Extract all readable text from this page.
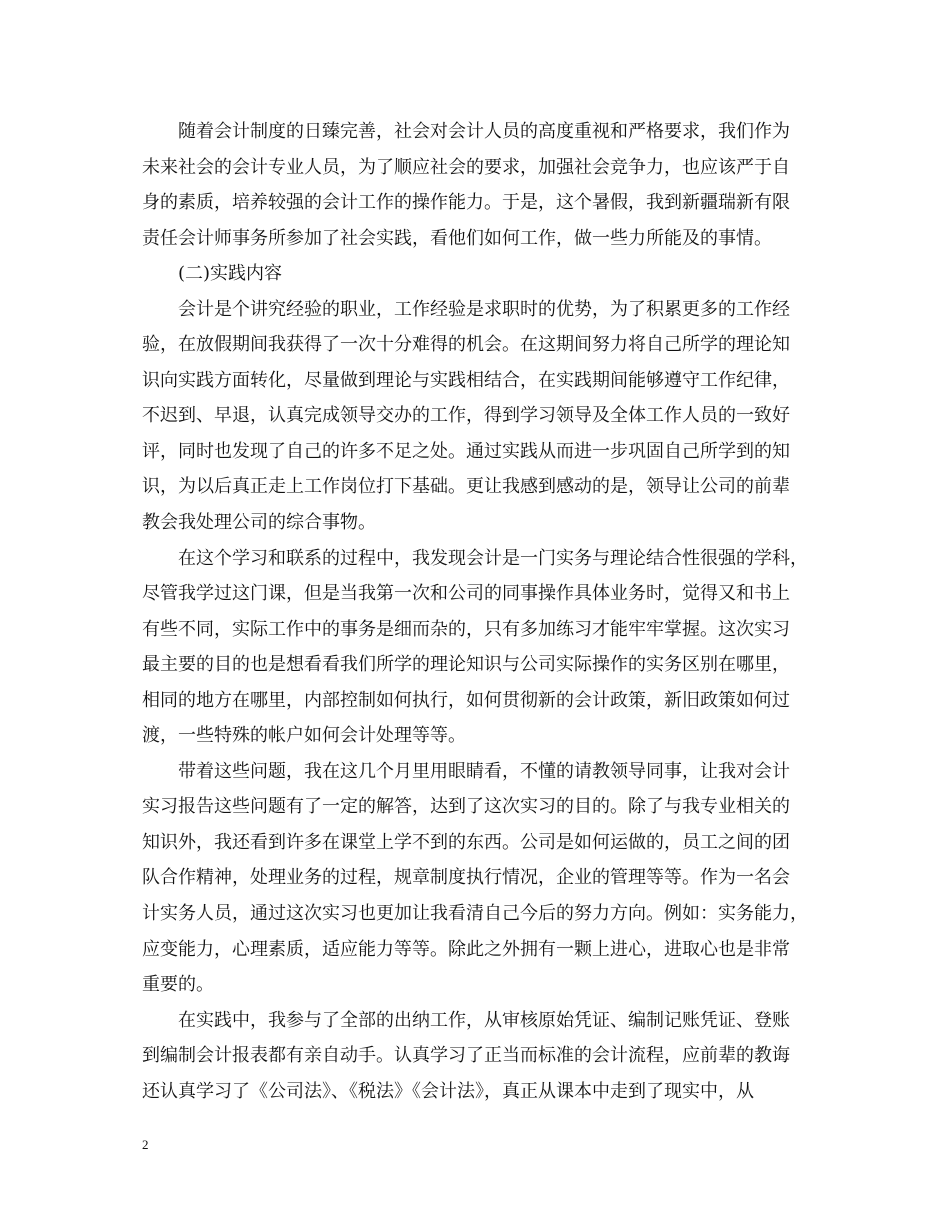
随着会计制度的日臻完善，社会对会计人员的高度重视和严格要求，我们作为
未来社会的会计专业人员，为了顺应社会的要求，加强社会竞争力，也应该严于自
身的素质，培养较强的会计工作的操作能力。于是，这个暑假，我到新疆瑞新有限
责任会计师事务所参加了社会实践，看他们如何工作，做一些力所能及的事情。
(二)实践内容
会计是个讲究经验的职业，工作经验是求职时的优势，为了积累更多的工作经
验，在放假期间我获得了一次十分难得的机会。在这期间努力将自己所学的理论知
识向实践方面转化，尽量做到理论与实践相结合，在实践期间能够遵守工作纪律，
不迟到、早退，认真完成领导交办的工作，得到学习领导及全体工作人员的一致好
评，同时也发现了自己的许多不足之处。通过实践从而进一步巩固自己所学到的知
识，为以后真正走上工作岗位打下基础。更让我感到感动的是，领导让公司的前辈
教会我处理公司的综合事物。
在这个学习和联系的过程中，我发现会计是一门实务与理论结合性很强的学科，
尽管我学过这门课，但是当我第一次和公司的同事操作具体业务时，觉得又和书上
有些不同，实际工作中的事务是细而杂的，只有多加练习才能牢牢掌握。这次实习
最主要的目的也是想看看我们所学的理论知识与公司实际操作的实务区别在哪里，
相同的地方在哪里，内部控制如何执行，如何贯彻新的会计政策，新旧政策如何过
渡，一些特殊的帐户如何会计处理等等。
带着这些问题，我在这几个月里用眼睛看，不懂的请教领导同事，让我对会计
实习报告这些问题有了一定的解答，达到了这次实习的目的。除了与我专业相关的
知识外，我还看到许多在课堂上学不到的东西。公司是如何运做的，员工之间的团
队合作精神，处理业务的过程，规章制度执行情况，企业的管理等等。作为一名会
计实务人员，通过这次实习也更加让我看清自己今后的努力方向。例如：实务能力，
应变能力，心理素质，适应能力等等。除此之外拥有一颗上进心，进取心也是非常
重要的。
在实践中，我参与了全部的出纳工作，从审核原始凭证、编制记账凭证、登账
到编制会计报表都有亲自动手。认真学习了正当而标准的会计流程，应前辈的教诲
还认真学习了《公司法》、《税法》《会计法》，真正从课本中走到了现实中，从
2
